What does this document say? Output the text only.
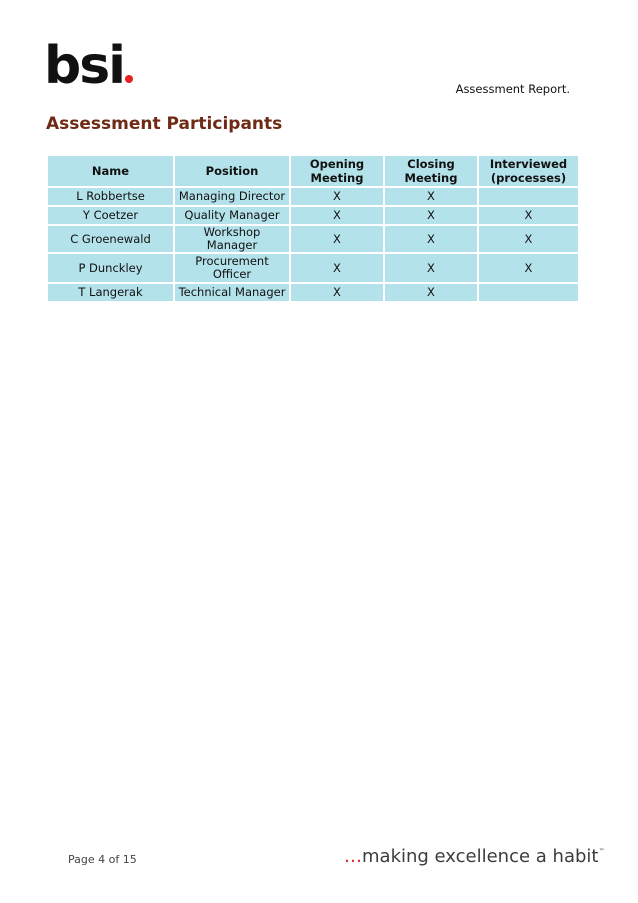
bsi	Assessment Report.
Assessment Participants
Name	Position	Opening Meeting	Closing Meeting	Interviewed (processes)
L Robbertse	Managing Director	X	X	
Y Coetzer	Quality Manager	X	X	X
C Groenewald	Workshop Manager	X	X	X
P Dunckley	Procurement Officer	X	X	X
T Langerak	Technical Manager	X	X	
Page 4 of 15	…making excellence a habit™
